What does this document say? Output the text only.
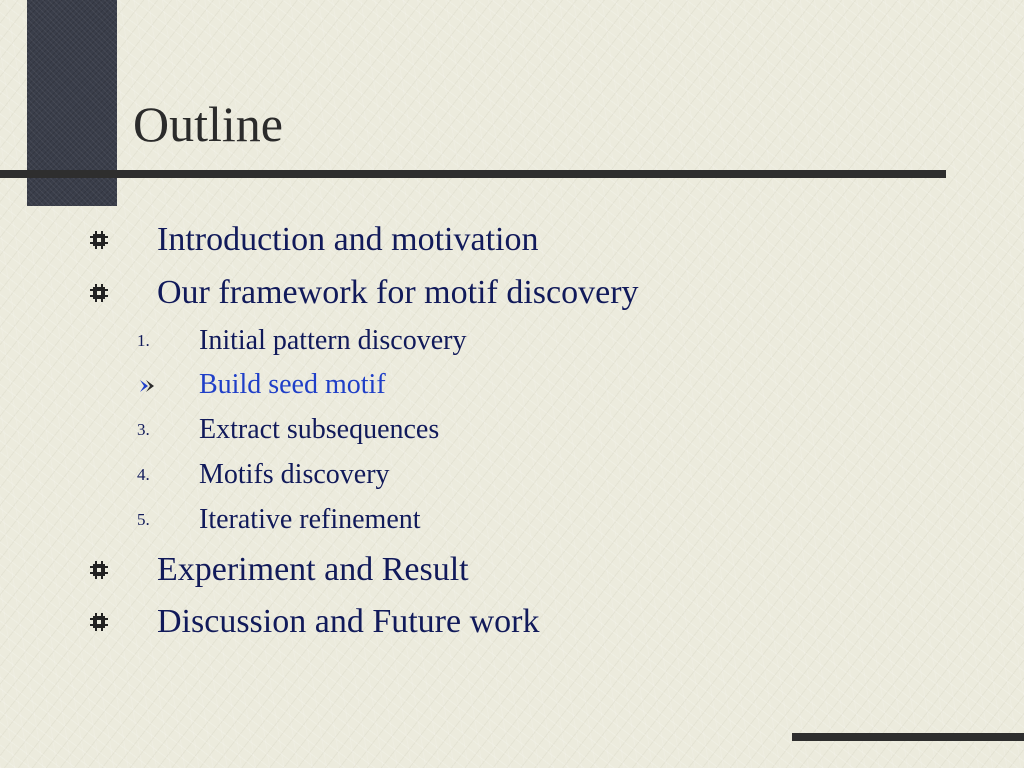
Outline
Introduction and motivation
Our framework for motif discovery
1. Initial pattern discovery
Build seed motif
3. Extract subsequences
4. Motifs discovery
5. Iterative refinement
Experiment and Result
Discussion and Future work
